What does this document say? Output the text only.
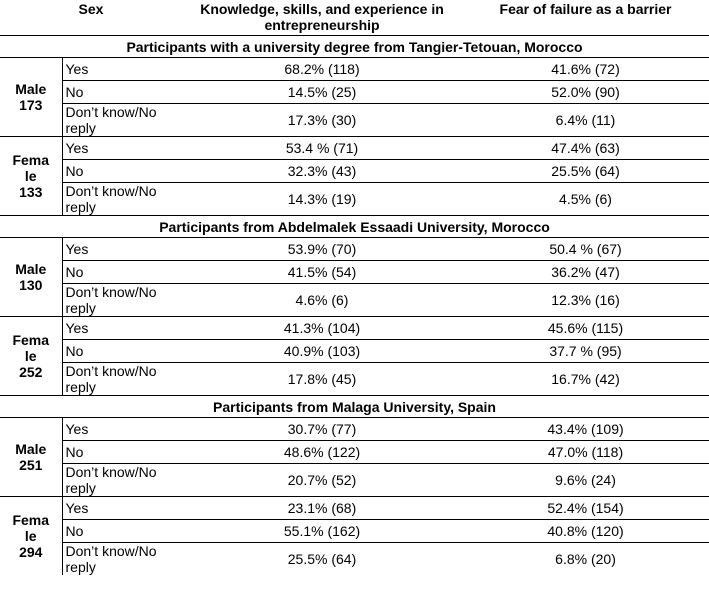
Sex		Knowledge, skills, and experience in entrepreneurship	Fear of failure as a barrier
Participants with a university degree from Tangier-Tetouan, Morocco			

Male
173	Yes	68.2% (118)	41.6% (72)
	No	14.5% (25)	52.0% (90)
	Don’t know/No reply	17.3% (30)	6.4% (11)

Female
133	Yes	53.4 % (71)	47.4% (63)
	No	32.3% (43)	25.5% (64)
	Don’t know/No reply	14.3% (19)	4.5% (6)
Participants from Abdelmalek Essaadi University, Morocco			

Male
130	Yes	53.9% (70)	50.4 % (67)
	No	41.5% (54)	36.2% (47)
	Don’t know/No reply	4.6% (6)	12.3% (16)

Female
252	Yes	41.3% (104)	45.6% (115)
	No	40.9% (103)	37.7 % (95)
	Don’t know/No reply	17.8% (45)	16.7% (42)
Participants from Malaga University, Spain			

Male
251	Yes	30.7% (77)	43.4% (109)
	No	48.6% (122)	47.0% (118)
	Don’t know/No reply	20.7% (52)	9.6% (24)

Female
294	Yes	23.1% (68)	52.4% (154)
	No	55.1% (162)	40.8% (120)
	Don’t know/No reply	25.5% (64)	6.8% (20)
